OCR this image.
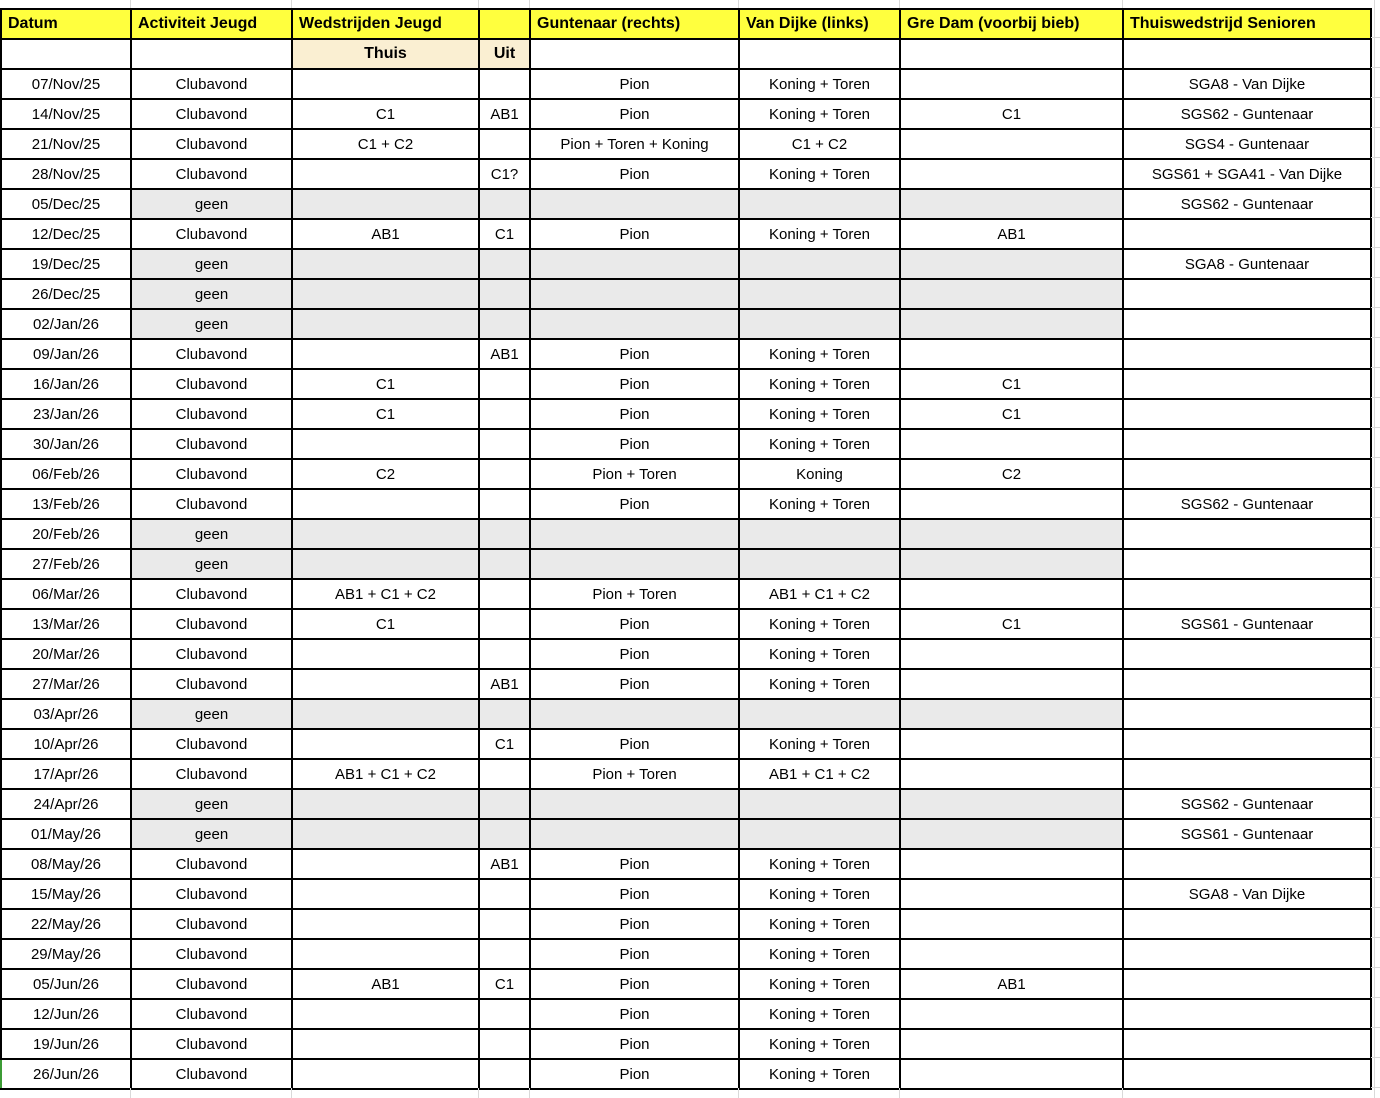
Datum	Activiteit Jeugd	Wedstrijden Jeugd		Guntenaar (rechts)	Van Dijke (links)	Gre Dam (voorbij bieb)	Thuiswedstrijd Senioren
		Thuis	Uit				
07/Nov/25	Clubavond			Pion	Koning + Toren		SGA8 - Van Dijke
14/Nov/25	Clubavond	C1	AB1	Pion	Koning + Toren	C1	SGS62 - Guntenaar
21/Nov/25	Clubavond	C1 + C2		Pion + Toren + Koning	C1 + C2		SGS4 - Guntenaar
28/Nov/25	Clubavond		C1?	Pion	Koning + Toren		SGS61 + SGA41 - Van Dijke
05/Dec/25	geen						SGS62 - Guntenaar
12/Dec/25	Clubavond	AB1	C1	Pion	Koning + Toren	AB1	
19/Dec/25	geen						SGA8 - Guntenaar
26/Dec/25	geen						
02/Jan/26	geen						
09/Jan/26	Clubavond		AB1	Pion	Koning + Toren		
16/Jan/26	Clubavond	C1		Pion	Koning + Toren	C1	
23/Jan/26	Clubavond	C1		Pion	Koning + Toren	C1	
30/Jan/26	Clubavond			Pion	Koning + Toren		
06/Feb/26	Clubavond	C2		Pion + Toren	Koning	C2	
13/Feb/26	Clubavond			Pion	Koning + Toren		SGS62 - Guntenaar
20/Feb/26	geen						
27/Feb/26	geen						
06/Mar/26	Clubavond	AB1 + C1 + C2		Pion + Toren	AB1 + C1 + C2		
13/Mar/26	Clubavond	C1		Pion	Koning + Toren	C1	SGS61 - Guntenaar
20/Mar/26	Clubavond			Pion	Koning + Toren		
27/Mar/26	Clubavond		AB1	Pion	Koning + Toren		
03/Apr/26	geen						
10/Apr/26	Clubavond		C1	Pion	Koning + Toren		
17/Apr/26	Clubavond	AB1 + C1 + C2		Pion + Toren	AB1 + C1 + C2		
24/Apr/26	geen						SGS62 - Guntenaar
01/May/26	geen						SGS61 - Guntenaar
08/May/26	Clubavond		AB1	Pion	Koning + Toren		
15/May/26	Clubavond			Pion	Koning + Toren		SGA8 - Van Dijke
22/May/26	Clubavond			Pion	Koning + Toren		
29/May/26	Clubavond			Pion	Koning + Toren		
05/Jun/26	Clubavond	AB1	C1	Pion	Koning + Toren	AB1	
12/Jun/26	Clubavond			Pion	Koning + Toren		
19/Jun/26	Clubavond			Pion	Koning + Toren		
26/Jun/26	Clubavond			Pion	Koning + Toren		
